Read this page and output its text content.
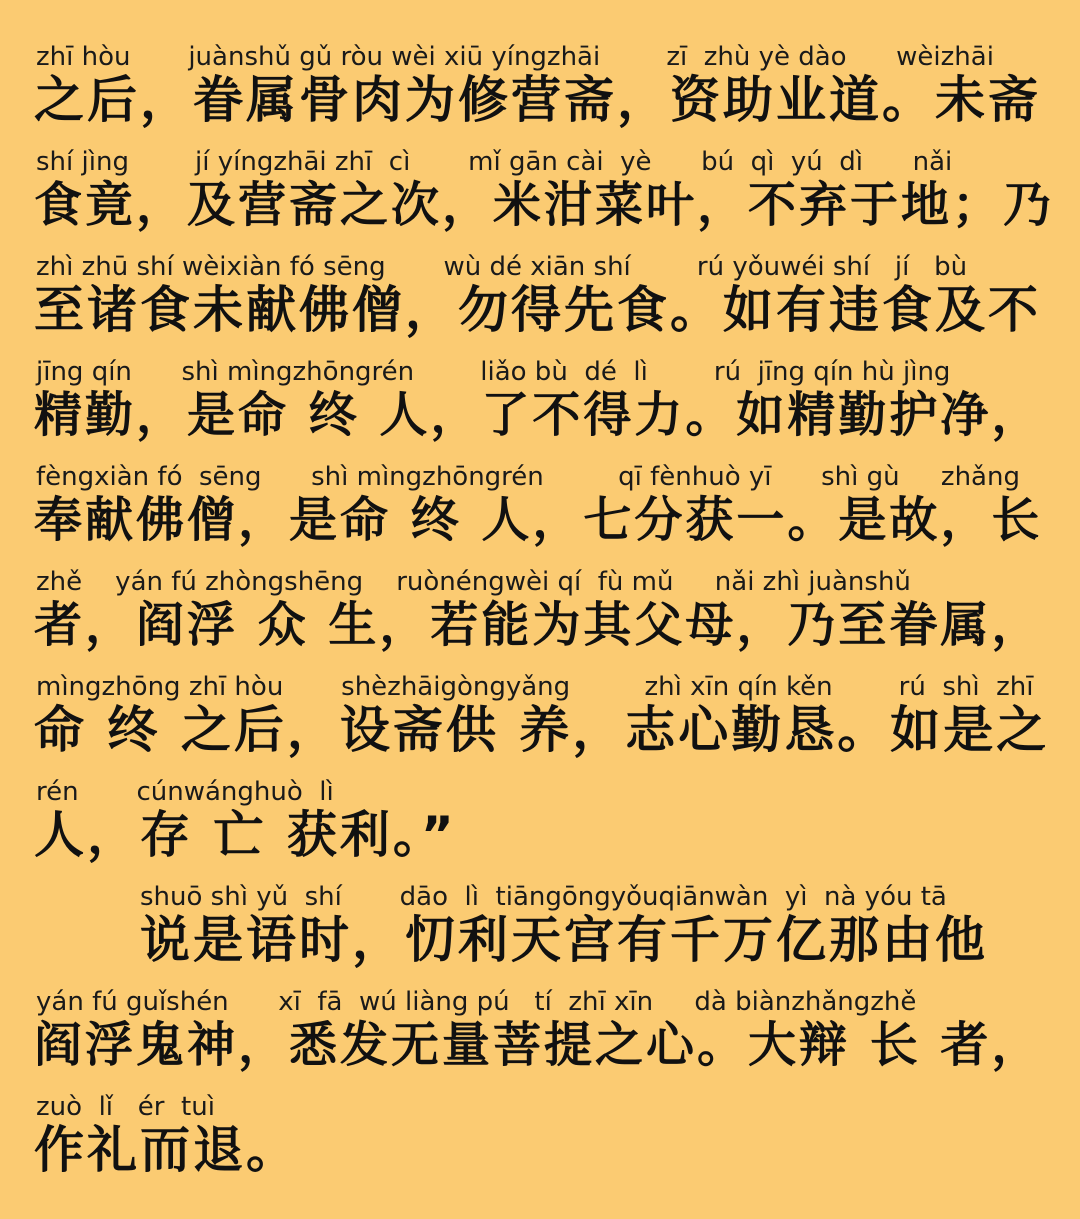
zhī hòu       juànshǔ gǔ ròu wèi xiū yíngzhāi        zī  zhù yè dào      wèizhāi
之后，眷属骨肉为修营斋，资助业道。未斋
shí jìng        jí yíngzhāi zhī  cì       mǐ gān cài  yè      bú  qì  yú  dì      nǎi
食竟，及营斋之次，米泔菜叶，不弃于地；乃
zhì zhū shí wèixiàn fó sēng       wù dé xiān shí        rú yǒuwéi shí   jí   bù
至诸食未献佛僧，勿得先食。如有违食及不
jīng qín      shì mìngzhōngrén        liǎo bù  dé  lì        rú  jīng qín hù jìng
精勤，是命 终 人，了不得力。如精勤护净，
fèngxiàn fó  sēng      shì mìngzhōngrén         qī fènhuò yī      shì gù     zhǎng
奉献佛僧，是命 终 人，七分获一。是故，长
zhě    yán fú zhòngshēng    ruònéngwèi qí  fù mǔ     nǎi zhì juànshǔ
者，阎浮 众 生，若能为其父母，乃至眷属，
mìngzhōng zhī hòu       shèzhāigòngyǎng         zhì xīn qín kěn        rú  shì  zhī
命 终 之后，设斋供 养，志心勤恳。如是之
rén       cúnwánghuò  lì
人，存 亡 获利。”
shuō shì yǔ  shí       dāo  lì  tiāngōngyǒuqiānwàn  yì  nà yóu tā
说是语时，忉利天宫有千万亿那由他
yán fú guǐshén      xī  fā  wú liàng pú   tí  zhī xīn     dà biànzhǎngzhě
阎浮鬼神，悉发无量菩提之心。大辩 长 者，
zuò  lǐ   ér  tuì
作礼而退。
